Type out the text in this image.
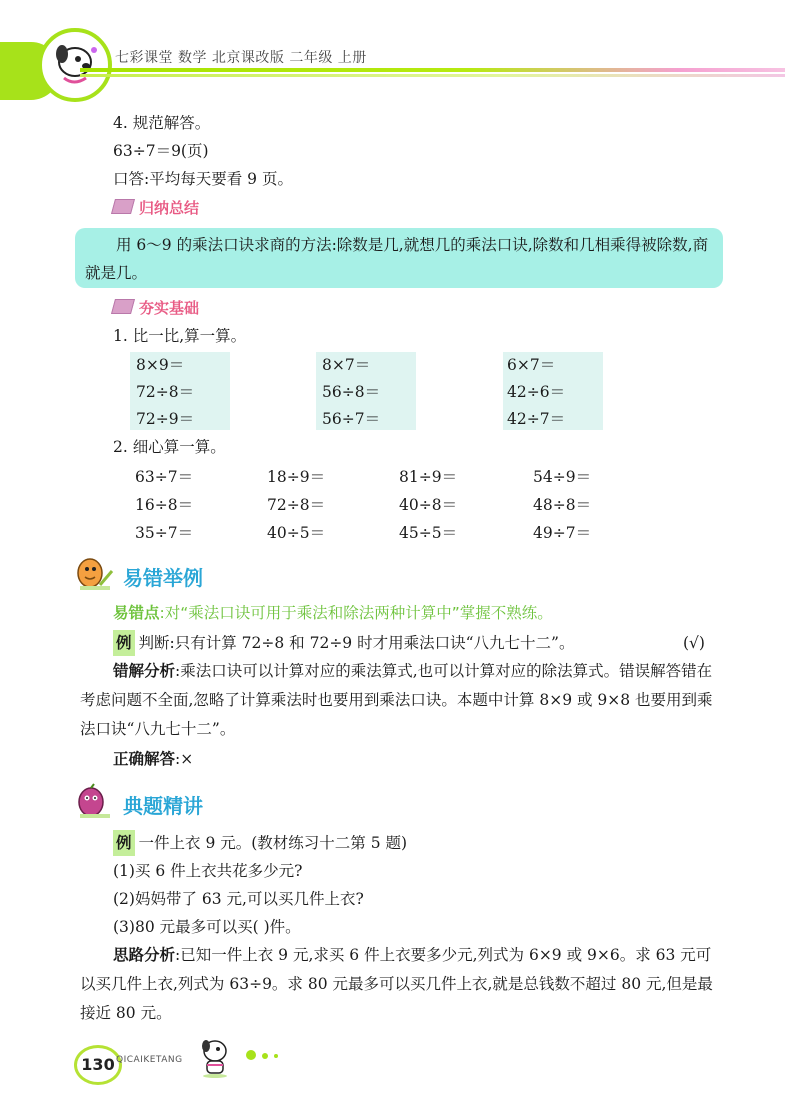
七彩课堂 数学 北京课改版 二年级 上册
4. 规范解答。
63÷7＝9(页)
口答:平均每天要看 9 页。
归纳总结
用 6～9 的乘法口诀求商的方法:除数是几,就想几的乘法口诀,除数和几相乘得被除数,商就是几。
夯实基础
1. 比一比,算一算。
8×9＝
72÷8＝
72÷9＝
8×7＝
56÷8＝
56÷7＝
6×7＝
42÷6＝
42÷7＝
2. 细心算一算。
63÷7＝	18÷9＝	81÷9＝	54÷9＝
16÷8＝	72÷8＝	40÷8＝	48÷8＝
35÷7＝	40÷5＝	45÷5＝	49÷7＝
易错举例
易错点:对“乘法口诀可用于乘法和除法两种计算中”掌握不熟练。
例 判断:只有计算 72÷8 和 72÷9 时才用乘法口诀“八九七十二”。	(√)
错解分析:乘法口诀可以计算对应的乘法算式,也可以计算对应的除法算式。错误解答错在考虑问题不全面,忽略了计算乘法时也要用到乘法口诀。本题中计算 8×9 或 9×8 也要用到乘法口诀“八九七十二”。
正确解答:×
典题精讲
例 一件上衣 9 元。(教材练习十二第 5 题)
(1)买 6 件上衣共花多少元?
(2)妈妈带了 63 元,可以买几件上衣?
(3)80 元最多可以买( )件。
思路分析:已知一件上衣 9 元,求买 6 件上衣要多少元,列式为 6×9 或 9×6。求 63 元可以买几件上衣,列式为 63÷9。求 80 元最多可以买几件上衣,就是总钱数不超过 80 元,但是最接近 80 元。
130 QICAIKETANG
